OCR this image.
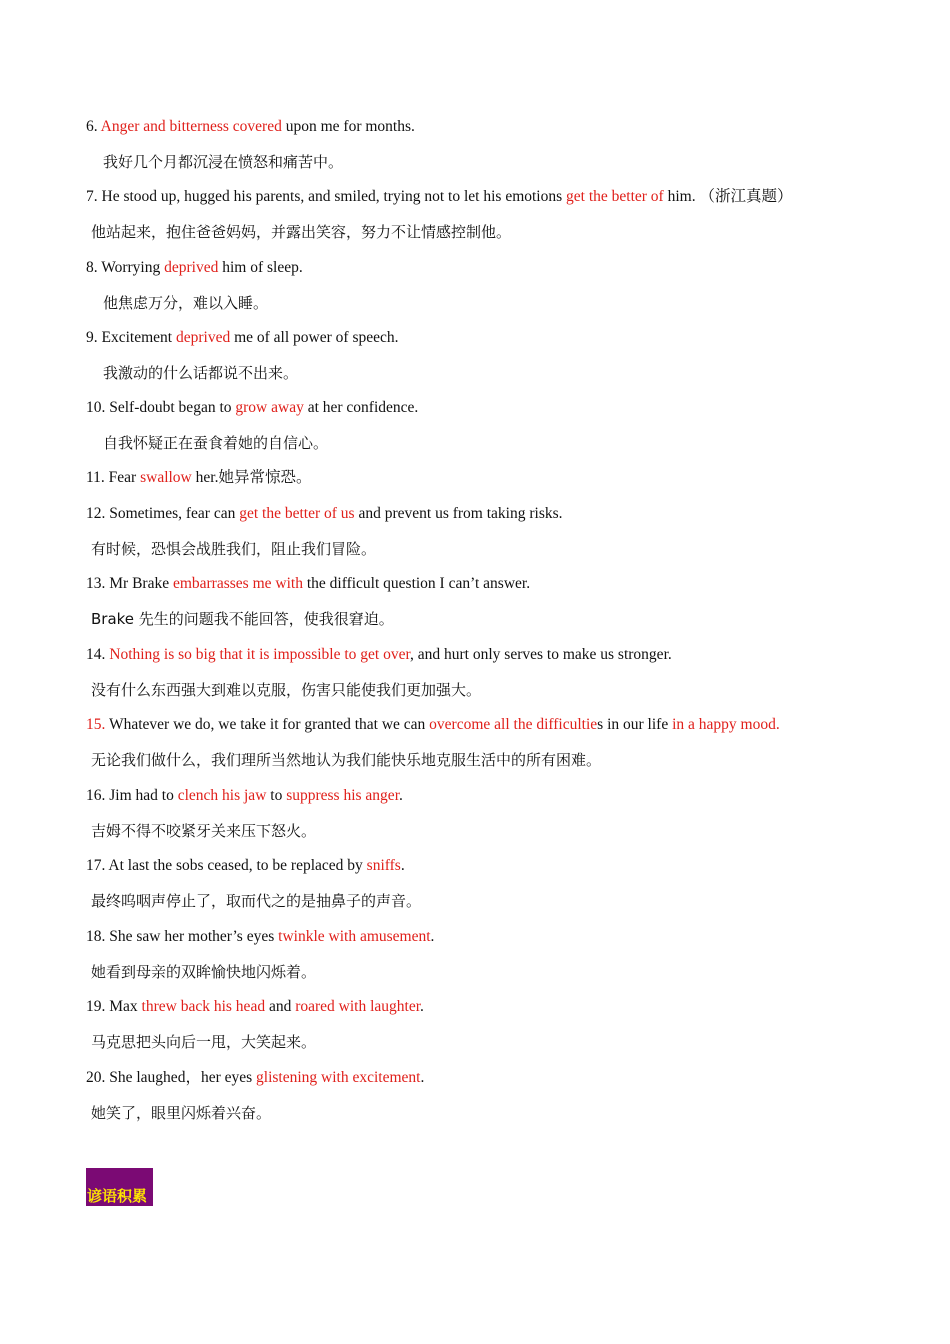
6. Anger and bitterness covered upon me for months.
我好几个月都沉浸在愤怒和痛苦中。
7. He stood up, hugged his parents, and smiled, trying not to let his emotions get the better of him. （浙江真题）
他站起来，抱住爸爸妈妈，并露出笑容，努力不让情感控制他。
8. Worrying deprived him of sleep.
他焦虑万分，难以入睡。
9. Excitement deprived me of all power of speech.
我激动的什么话都说不出来。
10. Self-doubt began to grow away at her confidence.
自我怀疑正在蚕食着她的自信心。
11. Fear swallow her.她异常惊恐。
12. Sometimes, fear can get the better of us and prevent us from taking risks.
有时候，恐惧会战胜我们，阻止我们冒险。
13. Mr Brake embarrasses me with the difficult question I can’t answer.
Brake 先生的问题我不能回答，使我很窘迫。
14. Nothing is so big that it is impossible to get over, and hurt only serves to make us stronger.
没有什么东西强大到难以克服，伤害只能使我们更加强大。
15. Whatever we do, we take it for granted that we can overcome all the difficulties in our life in a happy mood.
无论我们做什么，我们理所当然地认为我们能快乐地克服生活中的所有困难。
16. Jim had to clench his jaw to suppress his anger.
吉姆不得不咬紧牙关来压下怒火。
17. At last the sobs ceased, to be replaced by sniffs.
最终呜咽声停止了，取而代之的是抽鼻子的声音。
18. She saw her mother’s eyes twinkle with amusement.
她看到母亲的双眸愉快地闪烁着。
19. Max threw back his head and roared with laughter.
马克思把头向后一甩，大笑起来。
20. She laughed，her eyes glistening with excitement.
她笑了，眼里闪烁着兴奋。
谚语积累
